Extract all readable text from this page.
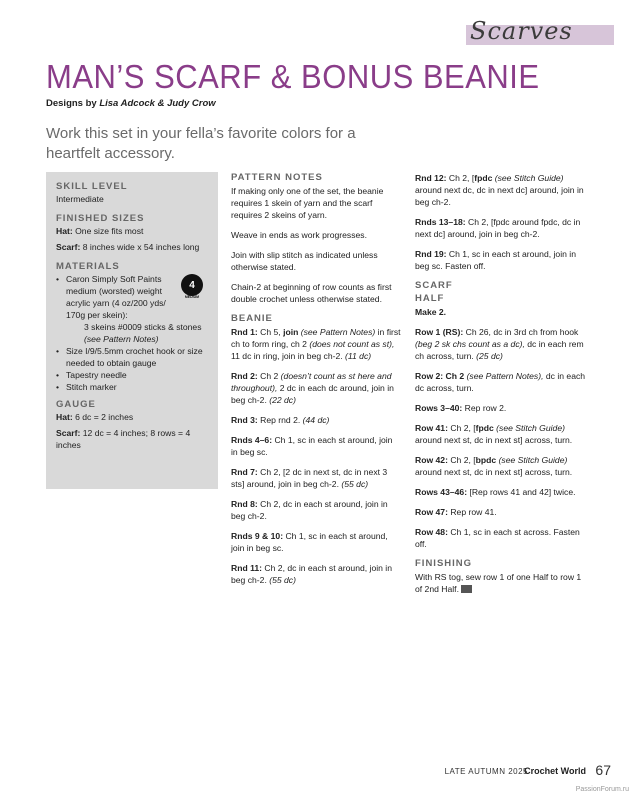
Scarves
MAN’S SCARF & BONUS BEANIE
Designs by Lisa Adcock & Judy Crow
Work this set in your fella’s favorite colors for a heartfelt accessory.
SKILL LEVEL
Intermediate
FINISHED SIZES
Hat: One size fits most
Scarf: 8 inches wide x 54 inches long
MATERIALS
4
MEDIUM
• Caron Simply Soft Paints medium (worsted) weight acrylic yarn (4 oz/200 yds/ 170g per skein):
3 skeins #0009 sticks & stones
(see Pattern Notes)
• Size I/9/5.5mm crochet hook or size needed to obtain gauge
• Tapestry needle
• Stitch marker
GAUGE
Hat: 6 dc = 2 inches
Scarf: 12 dc = 4 inches; 8 rows = 4 inches
PATTERN NOTES
If making only one of the set, the beanie requires 1 skein of yarn and the scarf requires 2 skeins of yarn.
Weave in ends as work progresses.
Join with slip stitch as indicated unless otherwise stated.
Chain-2 at beginning of row counts as first double crochet unless otherwise stated.
BEANIE
Rnd 1: Ch 5, join (see Pattern Notes) in first ch to form ring, ch 2 (does not count as st), 11 dc in ring, join in beg ch-2. (11 dc)
Rnd 2: Ch 2 (doesn’t count as st here and throughout), 2 dc in each dc around, join in beg ch-2. (22 dc)
Rnd 3: Rep rnd 2. (44 dc)
Rnds 4–6: Ch 1, sc in each st around, join in beg sc.
Rnd 7: Ch 2, [2 dc in next st, dc in next 3 sts] around, join in beg ch-2. (55 dc)
Rnd 8: Ch 2, dc in each st around, join in beg ch-2.
Rnds 9 & 10: Ch 1, sc in each st around, join in beg sc.
Rnd 11: Ch 2, dc in each st around, join in beg ch-2. (55 dc)
Rnd 12: Ch 2, [fpdc (see Stitch Guide) around next dc, dc in next dc] around, join in beg ch-2.
Rnds 13–18: Ch 2, [fpdc around fpdc, dc in next dc] around, join in beg ch-2.
Rnd 19: Ch 1, sc in each st around, join in beg sc. Fasten off.
SCARF
HALF
Make 2.
Row 1 (RS): Ch 26, dc in 3rd ch from hook (beg 2 sk chs count as a dc), dc in each rem ch across, turn. (25 dc)
Row 2: Ch 2 (see Pattern Notes), dc in each dc across, turn.
Rows 3–40: Rep row 2.
Row 41: Ch 2, [fpdc (see Stitch Guide) around next st, dc in next st] across, turn.
Row 42: Ch 2, [bpdc (see Stitch Guide) around next st, dc in next st] across, turn.
Rows 43–46: [Rep rows 41 and 42] twice.
Row 47: Rep row 41.
Row 48: Ch 1, sc in each st across. Fasten off.
FINISHING
With RS tog, sew row 1 of one Half to row 1 of 2nd Half.
LATE AUTUMN 2025
Crochet World 67
PassionForum.ru
